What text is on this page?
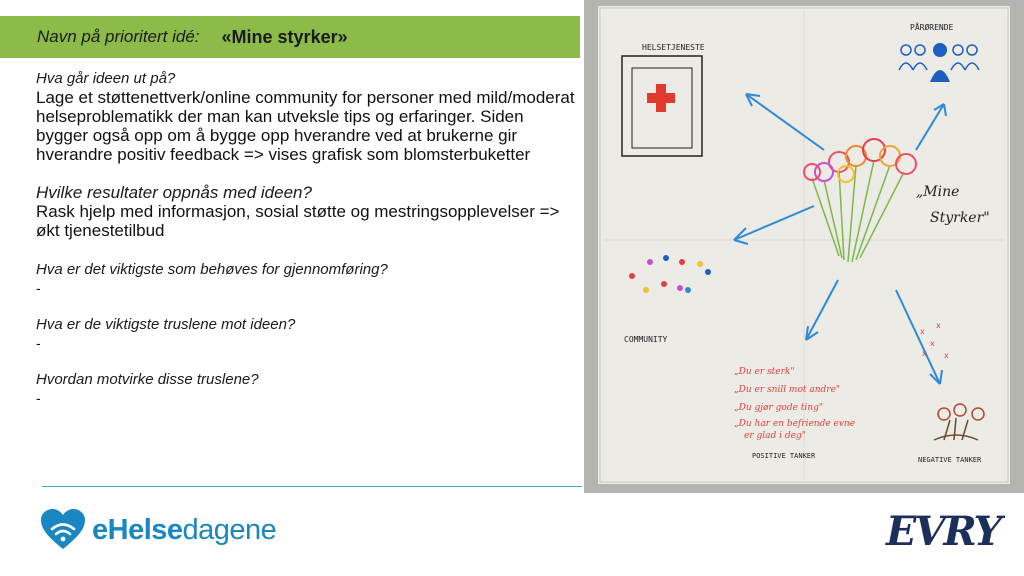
Navn på prioritert idé: «Mine styrker»
Hva går ideen ut på?
Lage et støttenettverk/online community for personer med mild/moderat helseproblematikk der man kan utveksle tips og erfaringer. Siden bygger også opp om å bygge opp hverandre ved at brukerne gir hverandre positiv feedback => vises grafisk som blomsterbuketter
Hvilke resultater oppnås med ideen?
Rask hjelp med informasjon, sosial støtte og mestringsopplevelser => økt tjenestetilbud
Hva er det viktigste som behøves for gjennomføring?
-
Hva er de viktigste truslene mot ideen?
-
Hvordan motvirke disse truslene?
-
eHelsedagene	EVRY
HELSETJENESTE
PÅRØRENDE
„Mine
Styrker"
COMMUNITY
x
x
x
x
x
„Du er sterk"
„Du er snill mot andre"
„Du gjør gode ting"
„Du har en befriende evne
er glad i deg"
POSITIVE TANKER	NEGATIVE TANKER
